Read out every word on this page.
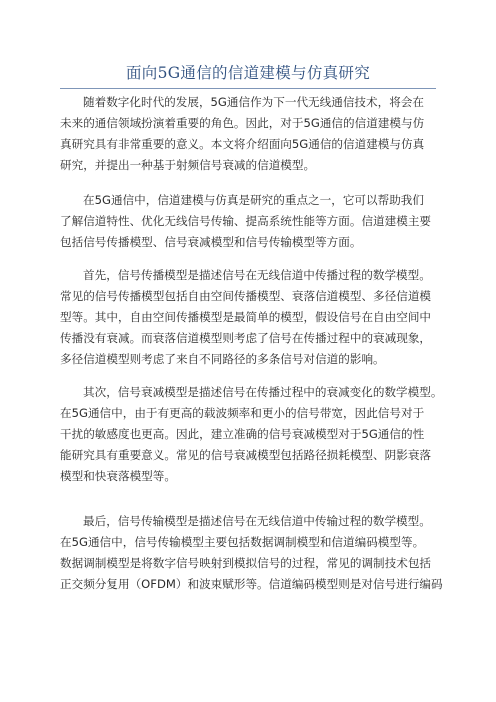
面向5G通信的信道建模与仿真研究
随着数字化时代的发展，5G通信作为下一代无线通信技术，将会在
未来的通信领域扮演着重要的角色。因此，对于5G通信的信道建模与仿
真研究具有非常重要的意义。本文将介绍面向5G通信的信道建模与仿真
研究，并提出一种基于射频信号衰减的信道模型。
在5G通信中，信道建模与仿真是研究的重点之一，它可以帮助我们
了解信道特性、优化无线信号传输、提高系统性能等方面。信道建模主要
包括信号传播模型、信号衰减模型和信号传输模型等方面。
首先，信号传播模型是描述信号在无线信道中传播过程的数学模型。
常见的信号传播模型包括自由空间传播模型、衰落信道模型、多径信道模
型等。其中，自由空间传播模型是最简单的模型，假设信号在自由空间中
传播没有衰减。而衰落信道模型则考虑了信号在传播过程中的衰减现象，
多径信道模型则考虑了来自不同路径的多条信号对信道的影响。
其次，信号衰减模型是描述信号在传播过程中的衰减变化的数学模型。
在5G通信中，由于有更高的载波频率和更小的信号带宽，因此信号对于
干扰的敏感度也更高。因此，建立准确的信号衰减模型对于5G通信的性
能研究具有重要意义。常见的信号衰减模型包括路径损耗模型、阴影衰落
模型和快衰落模型等。
最后，信号传输模型是描述信号在无线信道中传输过程的数学模型。
在5G通信中，信号传输模型主要包括数据调制模型和信道编码模型等。
数据调制模型是将数字信号映射到模拟信号的过程，常见的调制技术包括
正交频分复用（OFDM）和波束赋形等。信道编码模型则是对信号进行编码
